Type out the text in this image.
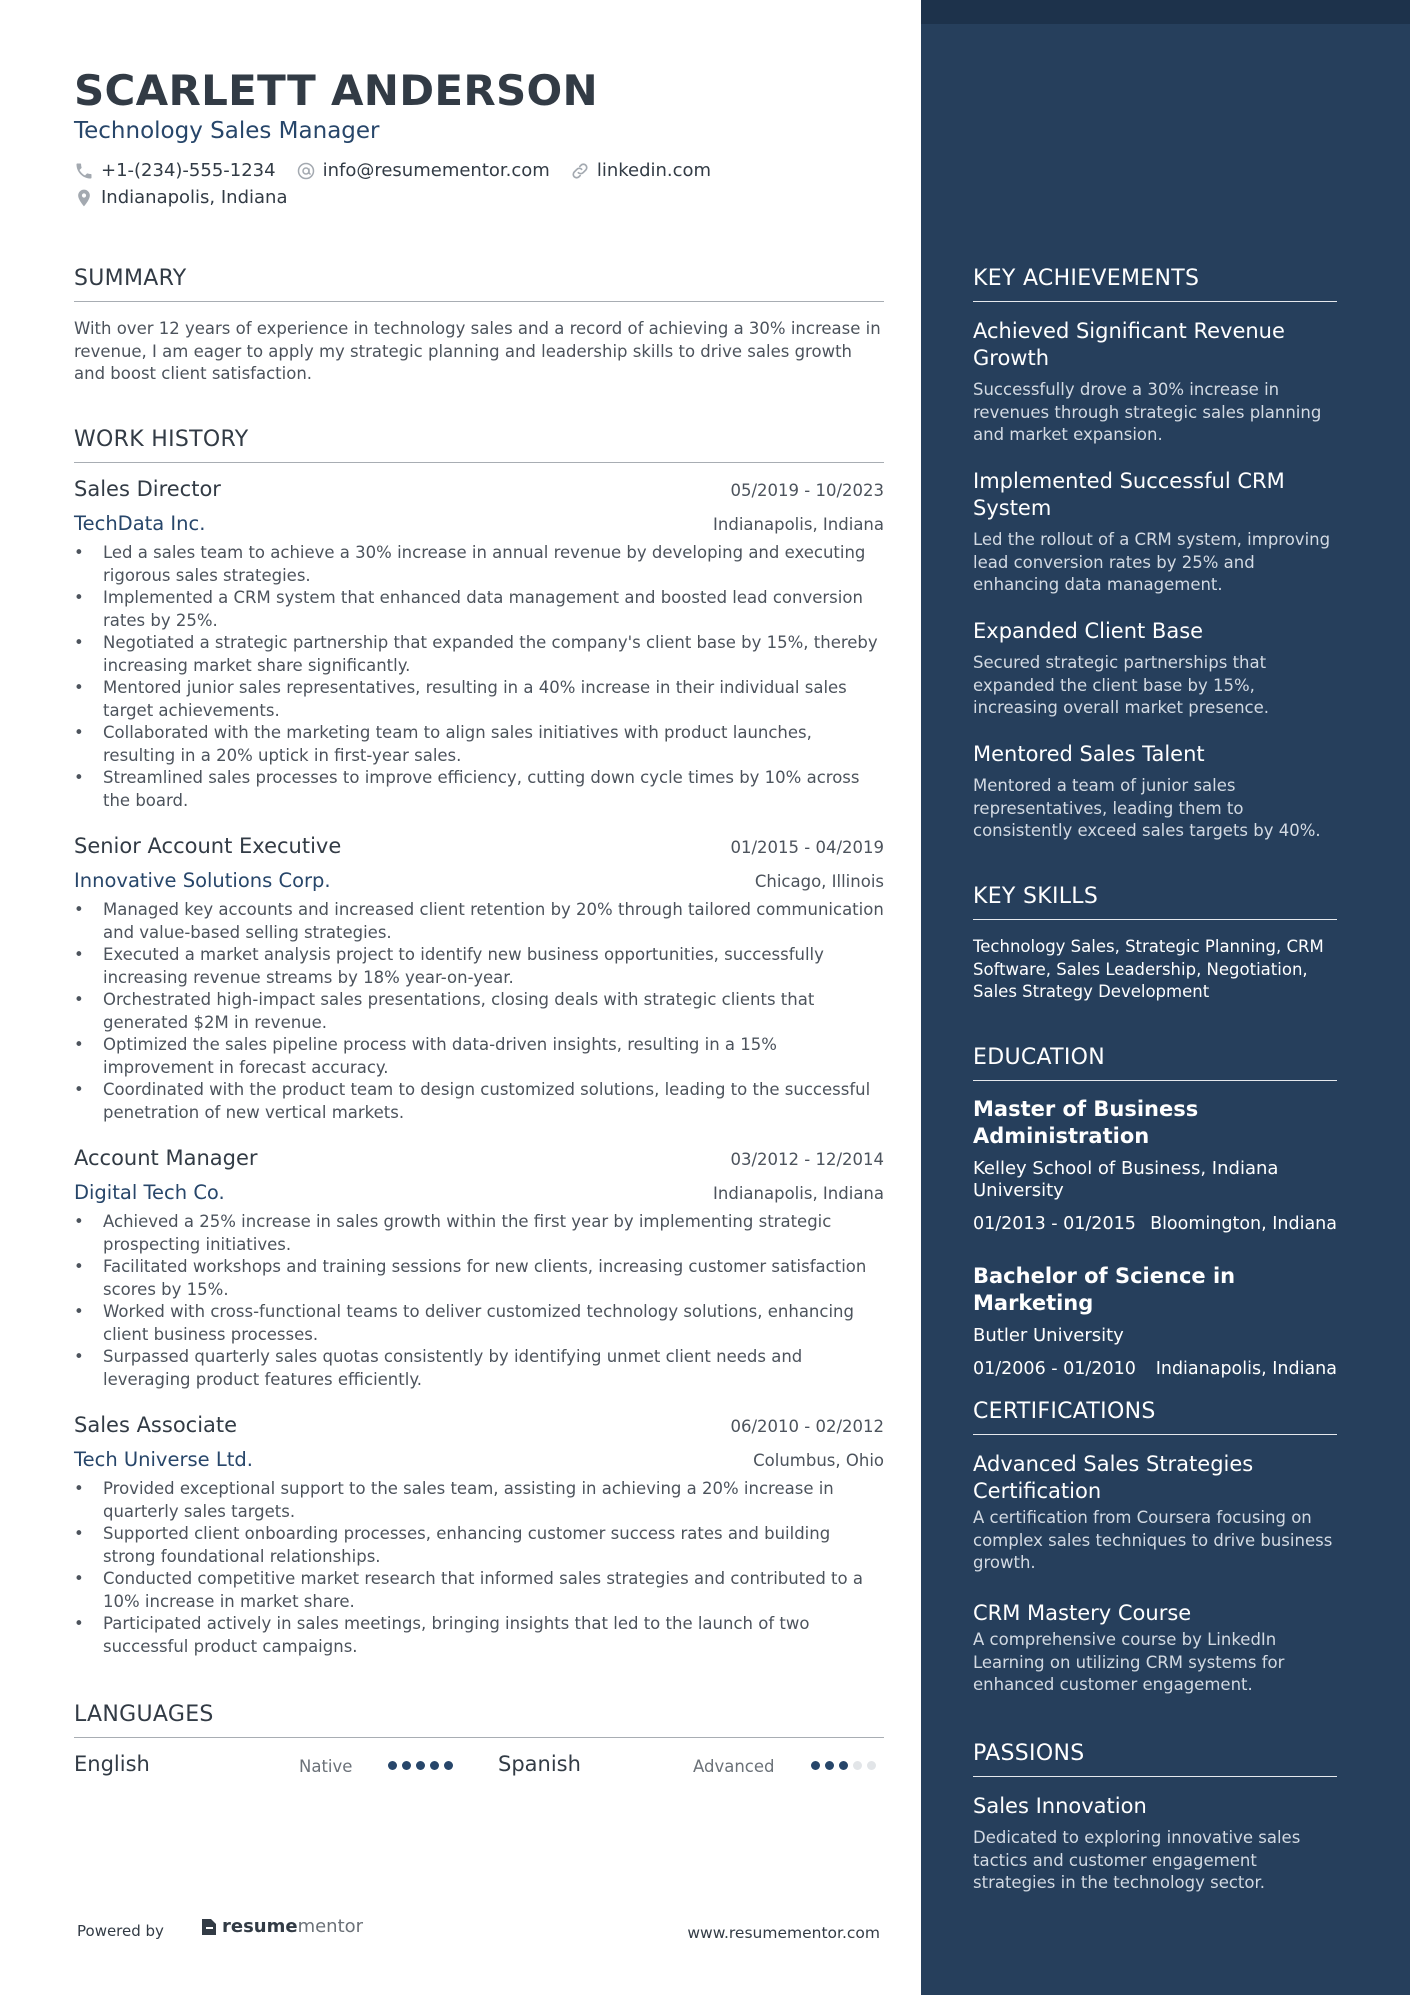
SCARLETT ANDERSON
Technology Sales Manager
+1-(234)-555-1234	info@resumementor.com	linkedin.com
Indianapolis, Indiana
SUMMARY
With over 12 years of experience in technology sales and a record of achieving a 30% increase in revenue, I am eager to apply my strategic planning and leadership skills to drive sales growth and boost client satisfaction.
WORK HISTORY
Sales Director	05/2019 - 10/2023
TechData Inc.	Indianapolis, Indiana
• Led a sales team to achieve a 30% increase in annual revenue by developing and executing rigorous sales strategies.
• Implemented a CRM system that enhanced data management and boosted lead conversion rates by 25%.
• Negotiated a strategic partnership that expanded the company's client base by 15%, thereby increasing market share significantly.
• Mentored junior sales representatives, resulting in a 40% increase in their individual sales target achievements.
• Collaborated with the marketing team to align sales initiatives with product launches, resulting in a 20% uptick in first-year sales.
• Streamlined sales processes to improve efficiency, cutting down cycle times by 10% across the board.
Senior Account Executive	01/2015 - 04/2019
Innovative Solutions Corp.	Chicago, Illinois
• Managed key accounts and increased client retention by 20% through tailored communication and value-based selling strategies.
• Executed a market analysis project to identify new business opportunities, successfully increasing revenue streams by 18% year-on-year.
• Orchestrated high-impact sales presentations, closing deals with strategic clients that generated $2M in revenue.
• Optimized the sales pipeline process with data-driven insights, resulting in a 15% improvement in forecast accuracy.
• Coordinated with the product team to design customized solutions, leading to the successful penetration of new vertical markets.
Account Manager	03/2012 - 12/2014
Digital Tech Co.	Indianapolis, Indiana
• Achieved a 25% increase in sales growth within the first year by implementing strategic prospecting initiatives.
• Facilitated workshops and training sessions for new clients, increasing customer satisfaction scores by 15%.
• Worked with cross-functional teams to deliver customized technology solutions, enhancing client business processes.
• Surpassed quarterly sales quotas consistently by identifying unmet client needs and leveraging product features efficiently.
Sales Associate	06/2010 - 02/2012
Tech Universe Ltd.	Columbus, Ohio
• Provided exceptional support to the sales team, assisting in achieving a 20% increase in quarterly sales targets.
• Supported client onboarding processes, enhancing customer success rates and building strong foundational relationships.
• Conducted competitive market research that informed sales strategies and contributed to a 10% increase in market share.
• Participated actively in sales meetings, bringing insights that led to the launch of two successful product campaigns.
LANGUAGES
English	Native	Spanish	Advanced
Powered by	resume mentor	www.resumementor.com
KEY ACHIEVEMENTS
Achieved Significant Revenue Growth
Successfully drove a 30% increase in revenues through strategic sales planning and market expansion.
Implemented Successful CRM System
Led the rollout of a CRM system, improving lead conversion rates by 25% and enhancing data management.
Expanded Client Base
Secured strategic partnerships that expanded the client base by 15%, increasing overall market presence.
Mentored Sales Talent
Mentored a team of junior sales representatives, leading them to consistently exceed sales targets by 40%.
KEY SKILLS
Technology Sales, Strategic Planning, CRM Software, Sales Leadership, Negotiation, Sales Strategy Development
EDUCATION
Master of Business Administration
Kelley School of Business, Indiana University
01/2013 - 01/2015 Bloomington, Indiana
Bachelor of Science in Marketing
Butler University
01/2006 - 01/2010 Indianapolis, Indiana
CERTIFICATIONS
Advanced Sales Strategies Certification
A certification from Coursera focusing on complex sales techniques to drive business growth.
CRM Mastery Course
A comprehensive course by LinkedIn Learning on utilizing CRM systems for enhanced customer engagement.
PASSIONS
Sales Innovation
Dedicated to exploring innovative sales tactics and customer engagement strategies in the technology sector.
